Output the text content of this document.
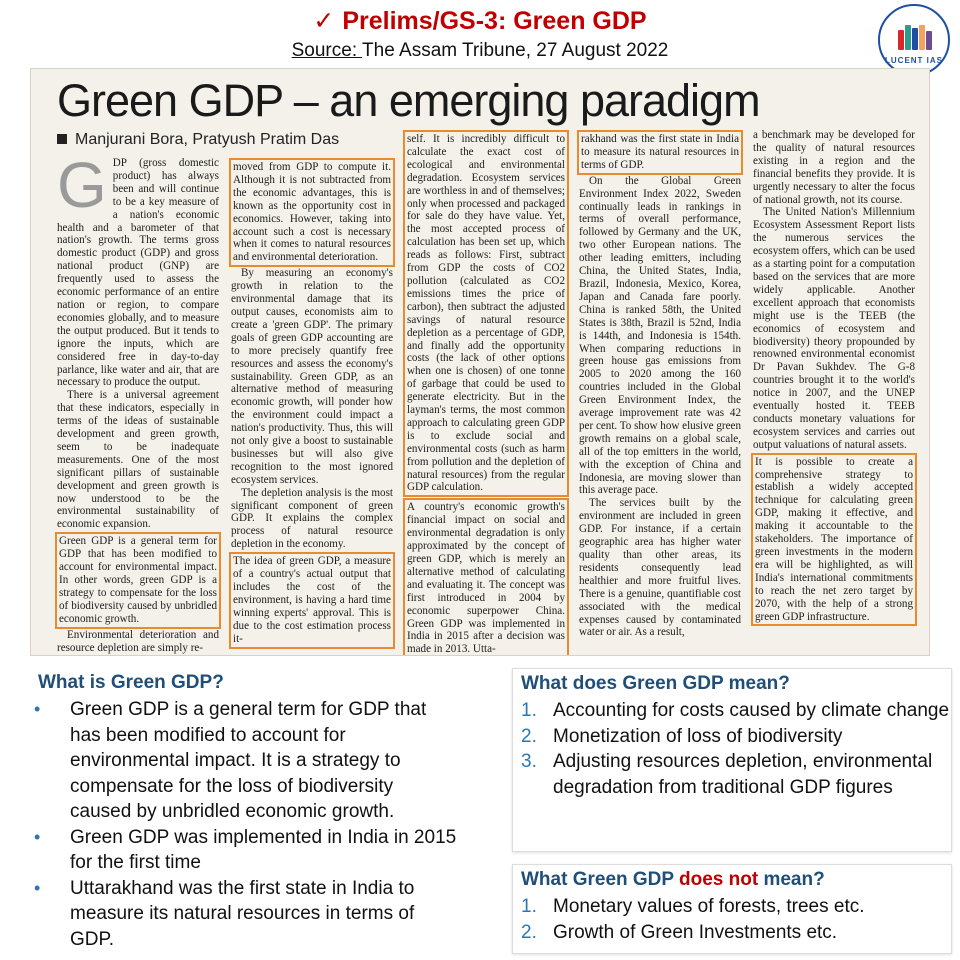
✓ Prelims/GS-3: Green GDP
Source: The Assam Tribune, 27 August 2022	LUCENT IAS
Green GDP – an emerging paradigm
Manjurani Bora, Pratyush Pratim Das

GDP (gross domestic product) has always been and will continue to be a key measure of a nation's economic health and a barometer of that nation's growth. The terms gross domestic product (GDP) and gross national product (GNP) are frequently used to assess the economic performance of an entire nation or region, to compare economies globally, and to measure the output produced. But it tends to ignore the inputs, which are considered free in day-to-day parlance, like water and air, that are necessary to produce the output.

There is a universal agreement that these indicators, especially in terms of the ideas of sustainable development and green growth, seem to be inadequate measurements. One of the most significant pillars of sustainable development and green growth is now understood to be the environmental sustainability of economic expansion.

Green GDP is a general term for GDP that has been modified to account for environmental impact. In other words, green GDP is a strategy to compensate for the loss of biodiversity caused by unbridled economic growth.

Environmental deterioration and resource depletion are simply re-

moved from GDP to compute it. Although it is not subtracted from the economic advantages, this is known as the opportunity cost in economics. However, taking into account such a cost is necessary when it comes to natural resources and environmental deterioration.

By measuring an economy's growth in relation to the environmental damage that its output causes, economists aim to create a 'green GDP'. The primary goals of green GDP accounting are to more precisely quantify free resources and assess the economy's sustainability. Green GDP, as an alternative method of measuring economic growth, will ponder how the environment could impact a nation's productivity. Thus, this will not only give a boost to sustainable businesses but will also give recognition to the most ignored ecosystem services.

The depletion analysis is the most significant component of green GDP. It explains the complex process of natural resource depletion in the economy.

The idea of green GDP, a measure of a country's actual output that includes the cost of the environment, is having a hard time winning experts' approval. This is due to the cost estimation process it-

self. It is incredibly difficult to calculate the exact cost of ecological and environmental degradation. Ecosystem services are worthless in and of themselves; only when processed and packaged for sale do they have value. Yet, the most accepted process of calculation has been set up, which reads as follows: First, subtract from GDP the costs of CO2 pollution (calculated as CO2 emissions times the price of carbon), then subtract the adjusted savings of natural resource depletion as a percentage of GDP, and finally add the opportunity costs (the lack of other options when one is chosen) of one tonne of garbage that could be used to generate electricity. But in the layman's terms, the most common approach to calculating green GDP is to exclude social and environmental costs (such as harm from pollution and the depletion of natural resources) from the regular GDP calculation.

A country's economic growth's financial impact on social and environmental degradation is only approximated by the concept of green GDP, which is merely an alternative method of calculating and evaluating it. The concept was first introduced in 2004 by economic superpower China. Green GDP was implemented in India in 2015 after a decision was made in 2013. Utta-

rakhand was the first state in India to measure its natural resources in terms of GDP.

On the Global Green Environment Index 2022, Sweden continually leads in rankings in terms of overall performance, followed by Germany and the UK, two other European nations. The other leading emitters, including China, the United States, India, Brazil, Indonesia, Mexico, Korea, Japan and Canada fare poorly. China is ranked 58th, the United States is 38th, Brazil is 52nd, India is 144th, and Indonesia is 154th. When comparing reductions in green house gas emissions from 2005 to 2020 among the 160 countries included in the Global Green Environment Index, the average improvement rate was 42 per cent. To show how elusive green growth remains on a global scale, all of the top emitters in the world, with the exception of China and Indonesia, are moving slower than this average pace.

The services built by the environment are included in green GDP. For instance, if a certain geographic area has higher water quality than other areas, its residents consequently lead healthier and more fruitful lives. There is a genuine, quantifiable cost associated with the medical expenses caused by contaminated water or air. As a result,

a benchmark may be developed for the quality of natural resources existing in a region and the financial benefits they provide. It is urgently necessary to alter the focus of national growth, not its course.

The United Nation's Millennium Ecosystem Assessment Report lists the numerous services the ecosystem offers, which can be used as a starting point for a computation based on the services that are more widely applicable. Another excellent approach that economists might use is the TEEB (the economics of ecosystem and biodiversity) theory propounded by renowned environmental economist Dr Pavan Sukhdev. The G-8 countries brought it to the world's notice in 2007, and the UNEP eventually hosted it. TEEB conducts monetary valuations for ecosystem services and carries out output valuations of natural assets.

It is possible to create a comprehensive strategy to establish a widely accepted technique for calculating green GDP, making it effective, and making it accountable to the stakeholders. The importance of green investments in the modern era will be highlighted, as will India's international commitments to reach the net zero target by 2070, with the help of a strong green GDP infrastructure.

What is Green GDP?
• Green GDP is a general term for GDP that has been modified to account for environmental impact. It is a strategy to compensate for the loss of biodiversity caused by unbridled economic growth.
• Green GDP was implemented in India in 2015 for the first time
• Uttarakhand was the first state in India to measure its natural resources in terms of GDP.
What does Green GDP mean?
1. Accounting for costs caused by climate change
2. Monetization of loss of biodiversity
3. Adjusting resources depletion, environmental degradation from traditional GDP figures
What Green GDP does not mean?
1. Monetary values of forests, trees etc.
2. Growth of Green Investments etc.
